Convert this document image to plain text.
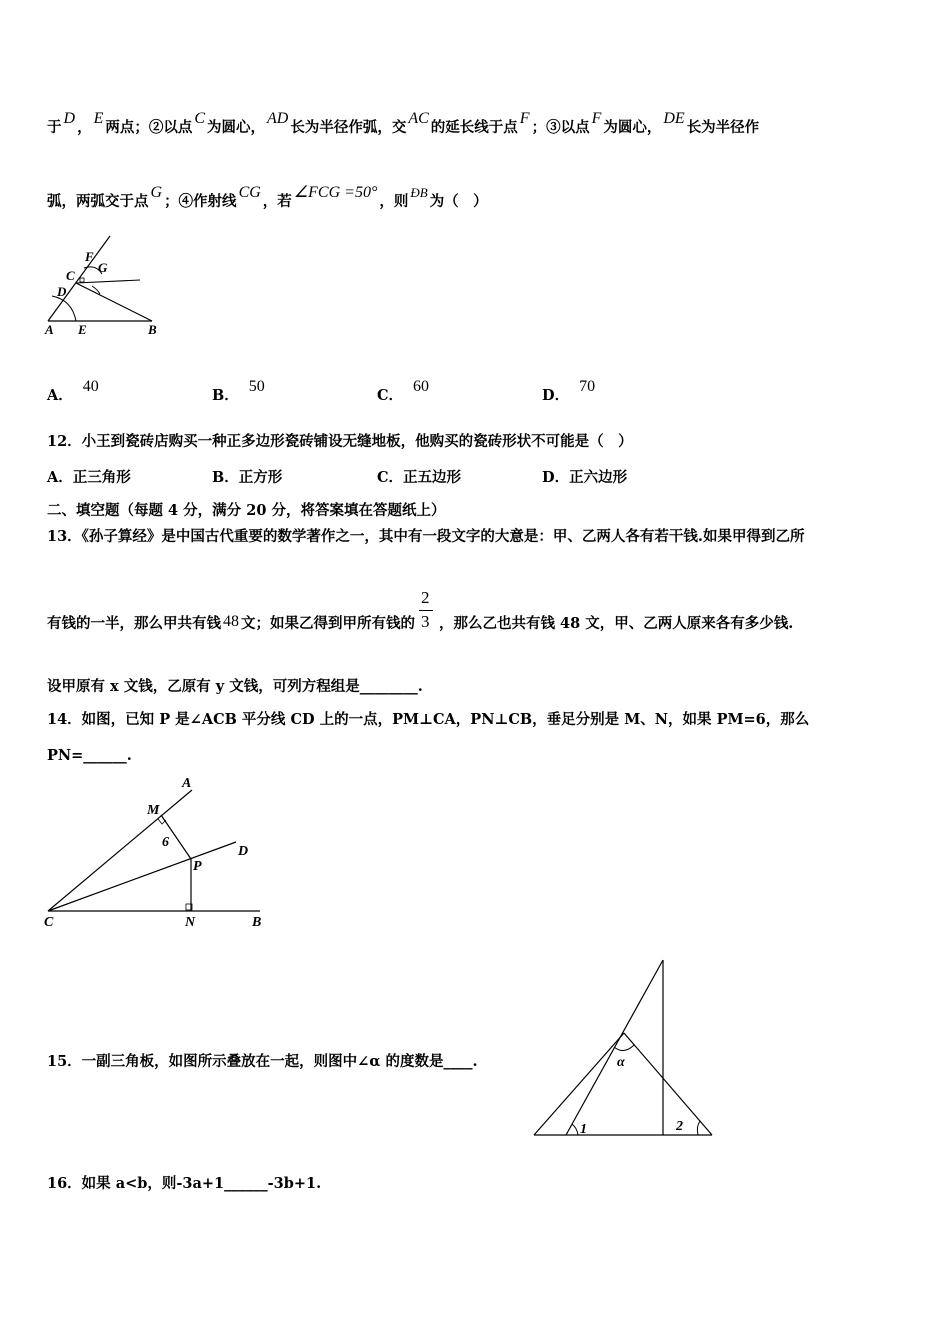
于D，E两点；②以点C为圆心，AD长为半径作弧，交AC的延长线于点F；③以点F为圆心，DE长为半径作
弧，两弧交于点G；④作射线CG，若∠FCG =50°，则ÐB为（　）
F
G
C
D
A E	B
A．40
B．50
C．60
D．70
12．小王到瓷砖店购买一种正多边形瓷砖铺设无缝地板，他购买的瓷砖形状不可能是（　）
A．正三角形	B．正方形	C．正五边形	D．正六边形
二、填空题（每题 4 分，满分 20 分，将答案填在答题纸上）
13．《孙子算经》是中国古代重要的数学著作之一，其中有一段文字的大意是：甲、乙两人各有若干钱.如果甲得到乙所
有钱的一半，那么甲共有钱 48 文；如果乙得到甲所有钱的 $\frac{2}{3}$ ，那么乙也共有钱 48 文，甲、乙两人原来各有多少钱.
设甲原有 x 文钱，乙原有 y 文钱，可列方程组是________.
14．如图，已知 P 是∠ACB 平分线 CD 上的一点，PM⊥CA，PN⊥CB，垂足分别是 M、N，如果 PM=6，那么
PN=______.
A
M
6
P
D
C	N	B
15．一副三角板，如图所示叠放在一起，则图中∠α 的度数是____.	α
1	2
16．如果 a<b，则-3a+1______-3b+1.
